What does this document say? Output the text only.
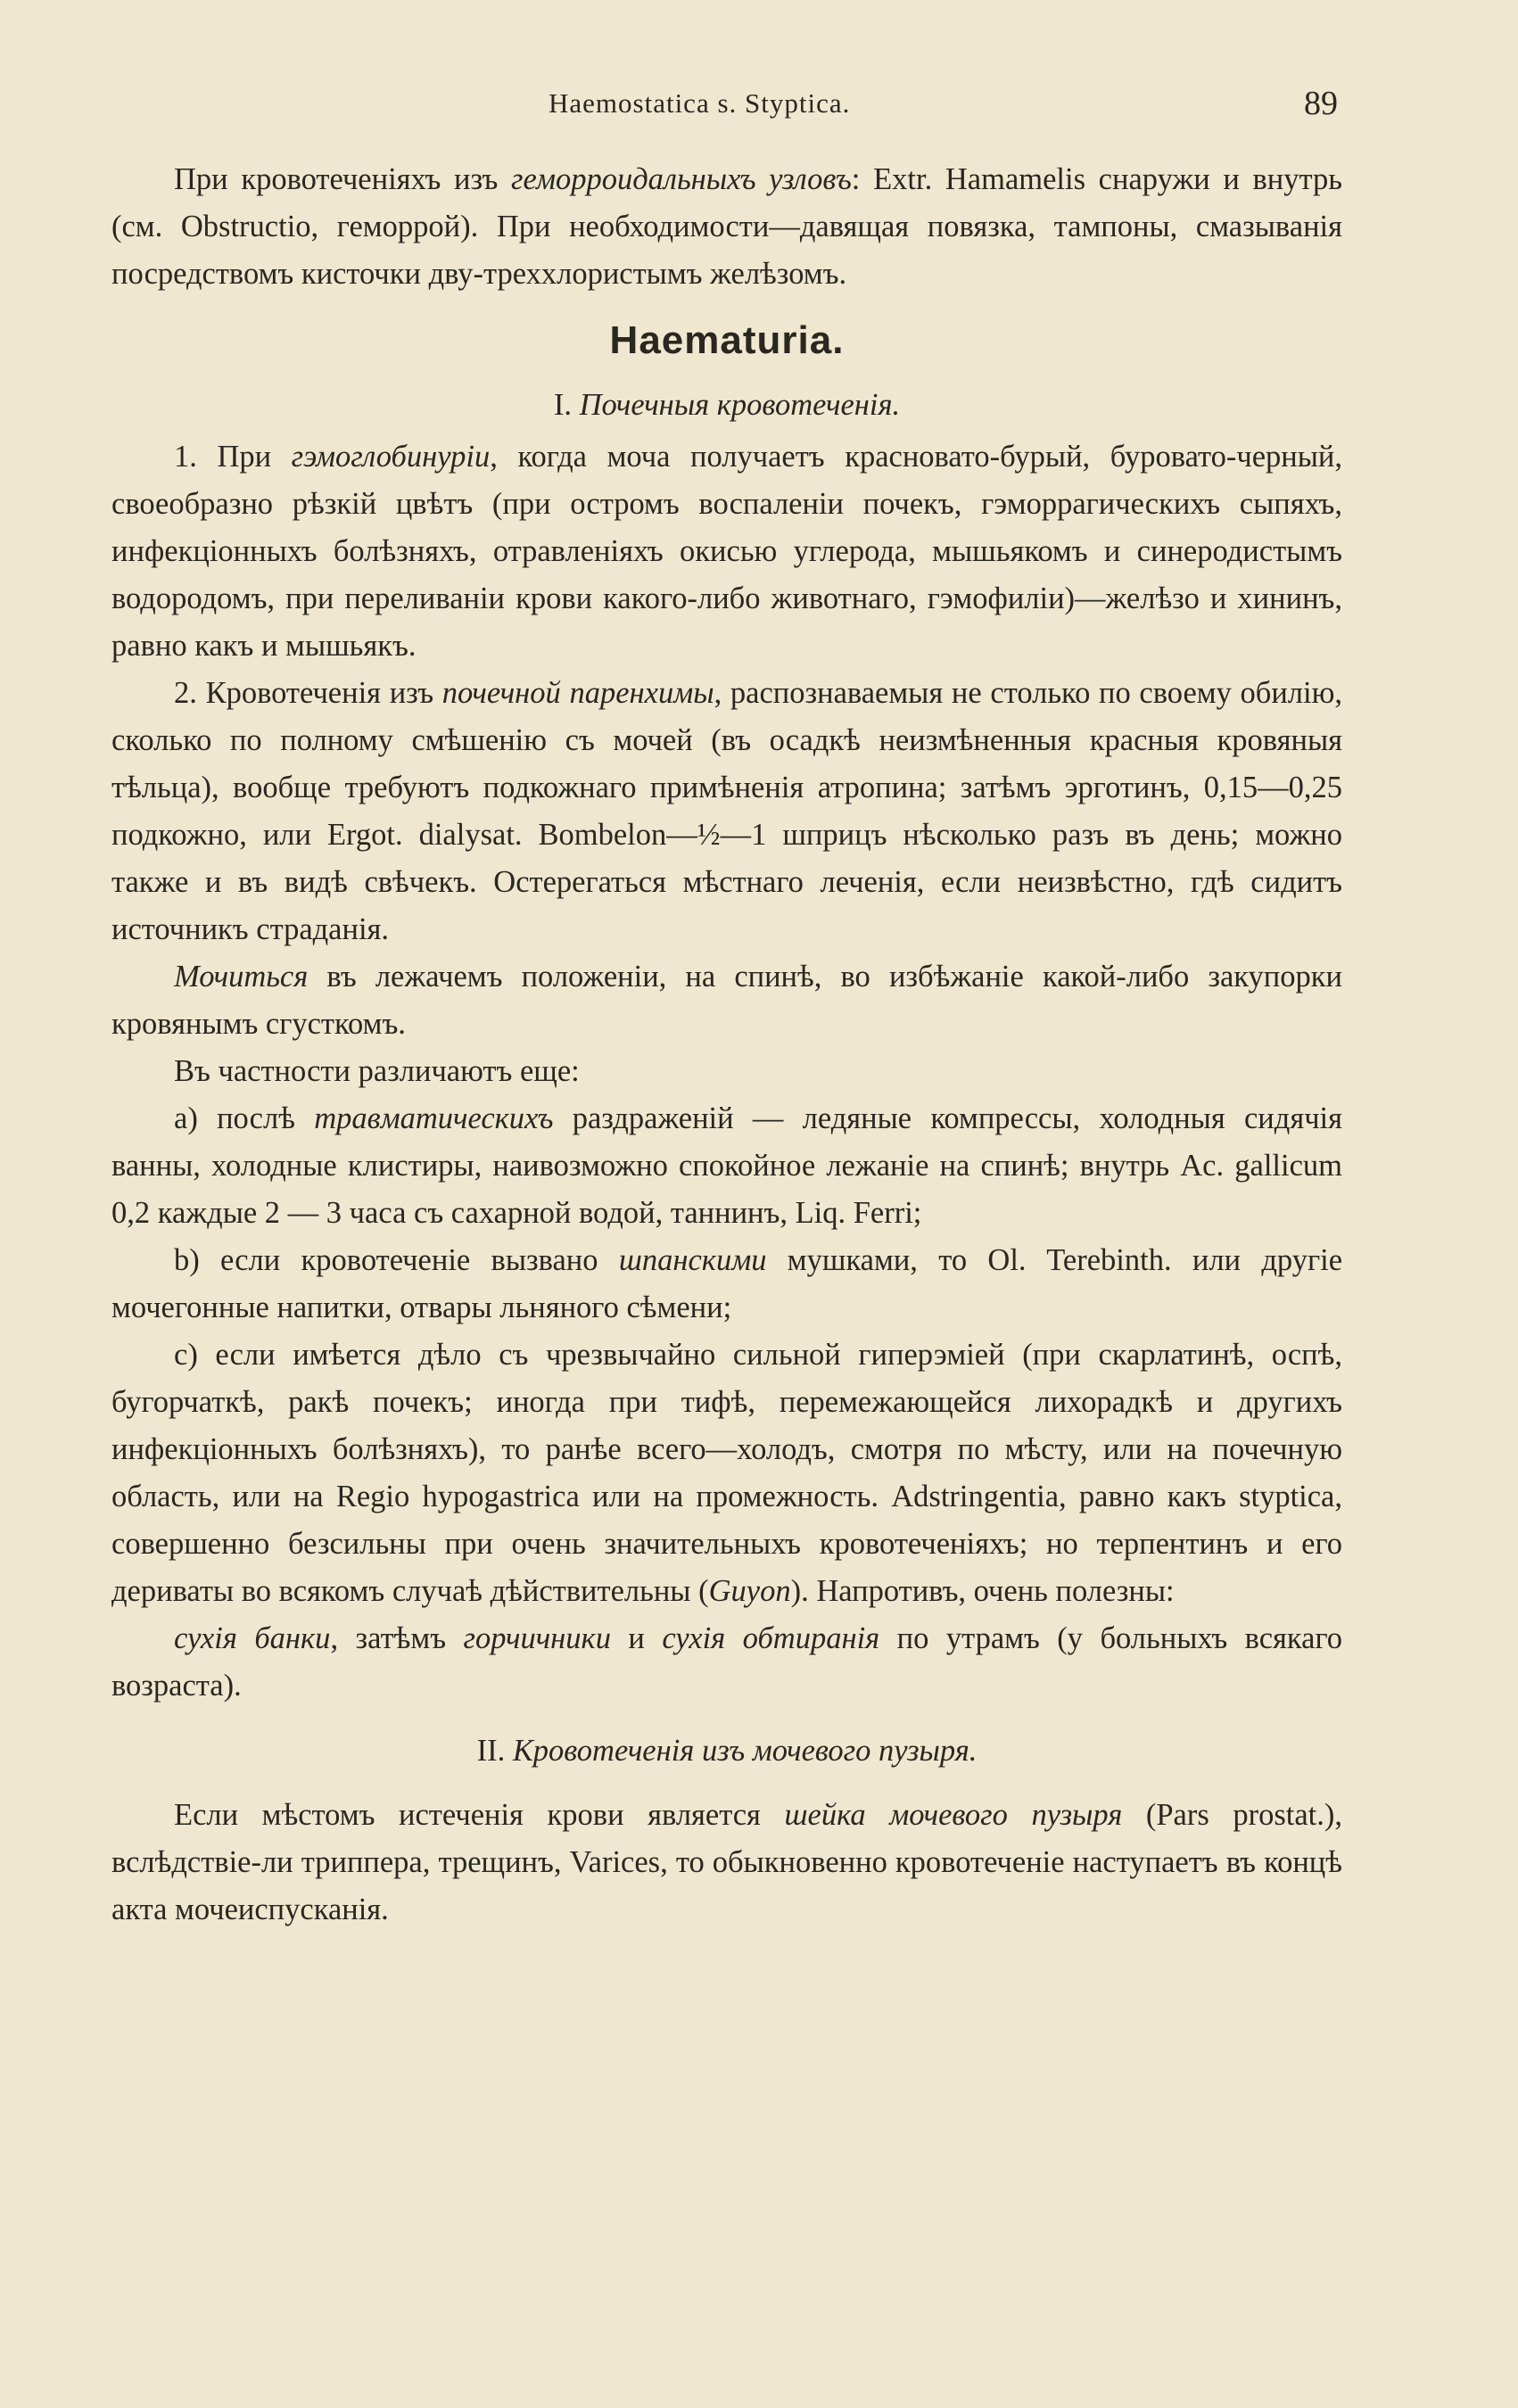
Haemostatica s. Styptica.	89

При кровотеченіяхъ изъ геморроидальныхъ узловъ: Extr. Hamamelis снаружи и внутрь (см. Obstructio, геморрой). При необходимости—давящая повязка, тампоны, смазыванія посредствомъ кисточки дву-трехxлористымъ желѣзомъ.

Haematuria.
I. Почечныя кровотеченія.

1. При гэмоглобинуріи, когда моча получаетъ красновато-бурый, буровато-черный, своеобразно рѣзкій цвѣтъ (при остромъ воспаленіи почекъ, гэморрагическихъ сыпяхъ, инфекціонныхъ болѣзняхъ, отравленіяхъ окисью углерода, мышьякомъ и синеродистымъ водородомъ, при переливаніи крови какого-либо животнаго, гэмофиліи)—желѣзо и хининъ, равно какъ и мышьякъ.

2. Кровотеченія изъ почечной паренхимы, распознаваемыя не столько по своему обилію, сколько по полному смѣшенію съ мочей (въ осадкѣ неизмѣненныя красныя кровяныя тѣльца), вообще требуютъ подкожнаго примѣненія атропина; затѣмъ эрготинъ, 0,15—0,25 подкожно, или Ergot. dialysat. Bombelon—½—1 шприцъ нѣсколько разъ въ день; можно также и въ видѣ свѣчекъ. Остерегаться мѣстнаго леченія, если неизвѣстно, гдѣ сидитъ источникъ страданія.

Мочиться въ лежачемъ положеніи, на спинѣ, во избѣжаніе какой-либо закупорки кровянымъ сгусткомъ.

Въ частности различаютъ еще:

a) послѣ травматическихъ раздраженій — ледяные компрессы, холодныя сидячія ванны, холодные клистиры, наивозможно спокойное лежаніе на спинѣ; внутрь Ac. gallicum 0,2 каждые 2 — 3 часа съ сахарной водой, таннинъ, Liq. Ferri;

b) если кровотеченіе вызвано шпанскими мушками, то Ol. Terebinth. или другіе мочегонные напитки, отвары льняного сѣмени;

c) если имѣется дѣло съ чрезвычайно сильной гиперэміей (при скарлатинѣ, оспѣ, бугорчаткѣ, ракѣ почекъ; иногда при тифѣ, перемежающейся лихорадкѣ и другихъ инфекціонныхъ болѣзняхъ), то ранѣе всего—холодъ, смотря по мѣсту, или на почечную область, или на Regio hypogastrica или на промежность. Adstringentia, равно какъ styptica, совершенно безсильны при очень значительныхъ кровотеченіяхъ; но терпентинъ и его дериваты во всякомъ случаѣ дѣйствительны (Guyon). Напротивъ, очень полезны:

сухія банки, затѣмъ горчичники и сухія обтиранія по утрамъ (у больныхъ всякаго возраста).

II. Кровотеченія изъ мочевого пузыря.

Если мѣстомъ истеченія крови является шейка мочевого пузыря (Pars prostat.), вслѣдствіе-ли триппера, трещинъ, Varices, то обыкновенно кровотеченіе наступаетъ въ концѣ акта мочеиспусканія.
